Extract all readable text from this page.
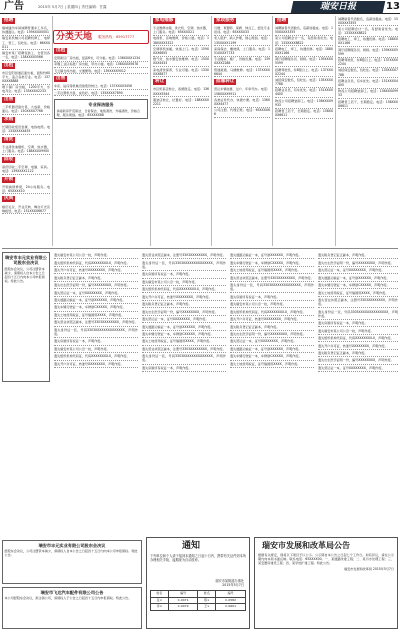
广告	2015年 5月7日 | 星期四 | 责任编辑：甘露	瑞安日报	13
分类天地 服务热线：65917777
招聘
瑞城缝纫车间诚聘普通车工多名，待遇面议。电话：159XXXX0001
瑞安某机械公司招聘机修工、电焊工、普工，包吃住。电话：66XXXX11
瑞安市某厂招聘包装工、仓管员各一名，电话：138XXXX5566
出租
市区安阳街道店面出租，面积约60平方，适合各类行业。电话：137XXXX8888
塘下镇厂房出租，1200平方，水电齐全。电话：135XXXX2233
出售
二手机器设备出售，九成新，价格面议。电话：150XXXX7766
求购
长期回收废旧金属、电线电缆。电话：133XXXX4455
清洗
专业清洗油烟机、空调、热水器，上门服务。电话：188XXXX9900
回收
高价回收二手空调、电脑、家具。电话：139XXXX1122
开锁
开锁换锁修锁，24小时服务。电话：65XXXX10
庆典
婚庆礼仪、开业庆典、舞台灯光音响租赁。电话：151XXXX6677
出租
安阳新区厂房出租，层高6米，可分租。电话：136XXXX1234
莘塍工业区标准厂房出租，带办公楼。电话：158XXXX5678
飞云镇仓库出租，交通便利。电话：139XXXX9012
出售
车床、钻床等机械设备低价转让。电话：137XXXX3456
二手注塑机出售，成色好。电话：135XXXX7890
专业保洁服务
承接新房开荒保洁、日常保洁、地毯清洗、外墙清洗，价格合理，服务周到。电话：65XXXX88
家电维修
专业维修冰箱、洗衣机、空调、热水器，上门服务。电话：65XXXX21
电视机、音响维修，价格公道。电话：138XXXX3322
空调移机加氟，快速上门。电话：159XXXX6655
燃气灶、热水器安装维修。电话：150XXXX4433
家电清洗保养，专业可靠。电话：133XXXX8877
转让
市区奶茶店转让，客源稳定。电话：136XXXX5544
服装店转让，位置好。电话：188XXXX2211
家政服务
月嫂、育婴师、保姆、钟点工，经过专业培训。电话：65XXXX33
老人陪护、病人护理，细心周到。电话：135XXXX1199
家庭保洁、擦玻璃，上门服务。电话：151XXXX7733
专业搬家、搬厂，价格优惠。电话：139XXXX2288
管道疏通、马桶维修。电话：137XXXX6644
挂靠转让
营运车辆挂靠、过户、年审代办。电话：158XXXX9911
各类证件代办，快捷方便。电话：136XXXX4477
公司注册、代理记账。电话：65XXXX66
招聘
诚聘销售代表数名，底薪加提成。电话：150XXXX3355
某公司招聘会计一名，有经验者优先。电话：133XXXX8822
招聘电工、焊工，待遇优厚。电话：188XXXX1166
餐厅招聘服务员、厨师。电话：139XXXX5599
招聘驾驶员，持B照以上。电话：137XXXX2244
诚招保安数名，包吃住。电话：135XXXX7788
招聘业务员，有车优先。电话：151XXXX4400
物流公司招聘装卸工。电话：136XXXX9933
招聘普工若干，长期稳定。电话：158XXXX6611
诚聘销售代表数名，底薪加提成。电话：150XXXX3355
某公司招聘会计一名，有经验者优先。电话：133XXXX8822
招聘电工、焊工，待遇优厚。电话：188XXXX1166
餐厅招聘服务员、厨师。电话：139XXXX5599
招聘驾驶员，持B照以上。电话：137XXXX2244
诚招保安数名，包吃住。电话：135XXXX7788
招聘业务员，有车优先。电话：151XXXX4400
物流公司招聘装卸工。电话：136XXXX9933
招聘普工若干，长期稳定。电话：158XXXX6611
遗失瑞安市某公司公章一枚，声明作废。
遗失组织机构代码证，代码XXXXXXXX-X，声明作废。
遗失开户许可证，核准号XXXXXXXX，声明作废。
遗失税务登记证正副本，声明作废。
遗失出生医学证明一份，编号XXXXXXXX，声明作废。
遗失营运证一本，证号XXXXXXXX，声明作废。
遗失道路运输证一本，证号浙XXXXXX，声明作废。
遗失车辆行驶证一本，车牌浙CXXXXX，声明作废。
遗失土地使用权证，证号瑞国用XXXX，声明作废。
遗失营业执照正副本，注册号3303XXXXXXXX，声明作废。
遗失身份证一张，号码3303XXXXXXXXXXXXXX，声明作废。
遗失房屋所有权证一本，声明作废。
遗失瑞安市某公司公章一枚，声明作废。
遗失组织机构代码证，代码XXXXXXXX-X，声明作废。
遗失开户许可证，核准号XXXXXXXX，声明作废。
遗失营业执照正副本，注册号3303XXXXXXXX，声明作废。
遗失身份证一张，号码3303XXXXXXXXXXXXXX，声明作废。
遗失房屋所有权证一本，声明作废。
遗失瑞安市某公司公章一枚，声明作废。
遗失组织机构代码证，代码XXXXXXXX-X，声明作废。
遗失开户许可证，核准号XXXXXXXX，声明作废。
遗失税务登记证正副本，声明作废。
遗失出生医学证明一份，编号XXXXXXXX，声明作废。
遗失营运证一本，证号XXXXXXXX，声明作废。
遗失道路运输证一本，证号浙XXXXXX，声明作废。
遗失车辆行驶证一本，车牌浙CXXXXX，声明作废。
遗失土地使用权证，证号瑞国用XXXX，声明作废。
遗失营业执照正副本，注册号3303XXXXXXXX，声明作废。
遗失身份证一张，号码3303XXXXXXXXXXXXXX，声明作废。
遗失房屋所有权证一本，声明作废。
遗失道路运输证一本，证号浙XXXXXX，声明作废。
遗失车辆行驶证一本，车牌浙CXXXXX，声明作废。
遗失土地使用权证，证号瑞国用XXXX，声明作废。
遗失营业执照正副本，注册号3303XXXXXXXX，声明作废。
遗失身份证一张，号码3303XXXXXXXXXXXXXX，声明作废。
遗失房屋所有权证一本，声明作废。
遗失瑞安市某公司公章一枚，声明作废。
遗失组织机构代码证，代码XXXXXXXX-X，声明作废。
遗失开户许可证，核准号XXXXXXXX，声明作废。
遗失税务登记证正副本，声明作废。
遗失出生医学证明一份，编号XXXXXXXX，声明作废。
遗失营运证一本，证号XXXXXXXX，声明作废。
遗失道路运输证一本，证号浙XXXXXX，声明作废。
遗失车辆行驶证一本，车牌浙CXXXXX，声明作废。
遗失土地使用权证，证号瑞国用XXXX，声明作废。
遗失税务登记证正副本，声明作废。
遗失出生医学证明一份，编号XXXXXXXX，声明作废。
遗失营运证一本，证号XXXXXXXX，声明作废。
遗失道路运输证一本，证号浙XXXXXX，声明作废。
遗失车辆行驶证一本，车牌浙CXXXXX，声明作废。
遗失土地使用权证，证号瑞国用XXXX，声明作废。
遗失营业执照正副本，注册号3303XXXXXXXX，声明作废。
遗失身份证一张，号码3303XXXXXXXXXXXXXX，声明作废。
遗失房屋所有权证一本，声明作废。
遗失瑞安市某公司公章一枚，声明作废。
遗失组织机构代码证，代码XXXXXXXX-X，声明作废。
遗失开户许可证，核准号XXXXXXXX，声明作废。
遗失税务登记证正副本，声明作废。
遗失出生医学证明一份，编号XXXXXXXX，声明作废。
遗失营运证一本，证号XXXXXXXX，声明作废。
瑞安市丰元实业有限公司股东会决议
经股东会决议，公司注册资本减少，请债权人自本公告之日起四十五日内向本公司申报债权。特此公告。
瑞安市丰元实业有限公司股东会决议
经股东会决议，公司注册资本减少，请债权人自本公告之日起四十五日内向本公司申报债权。特此公告。
瑞安市飞达汽车配件有限公司公告
本公司经股东会决议，拟注销公司，请债权人于公告之日起四十五日内申报债权。特此公告。
通知
下列单位和个人请于接到本通知之日起十日内，携带有关证件到本所办理相关手续，逾期视为自动放弃。
瑞安市某街道办事处
2015年5月7日
姓名	编号	姓名	编号
张×	C-0471	陈×	C-0582
李×	C-0479	王×	C-0601
瑞安市发展和改革局公告
根据有关规定，现将以下项目予以公示。公示期自本公告之日起七个工作日。如有异议，请在公示期内向本局书面反映。联系电话：65XXXX00。一、某道路改建工程；二、某污水处理工程；三、某安置房建设工程；四、某学校扩建工程。特此公告。
瑞安市发展和改革局 2015年5月7日
